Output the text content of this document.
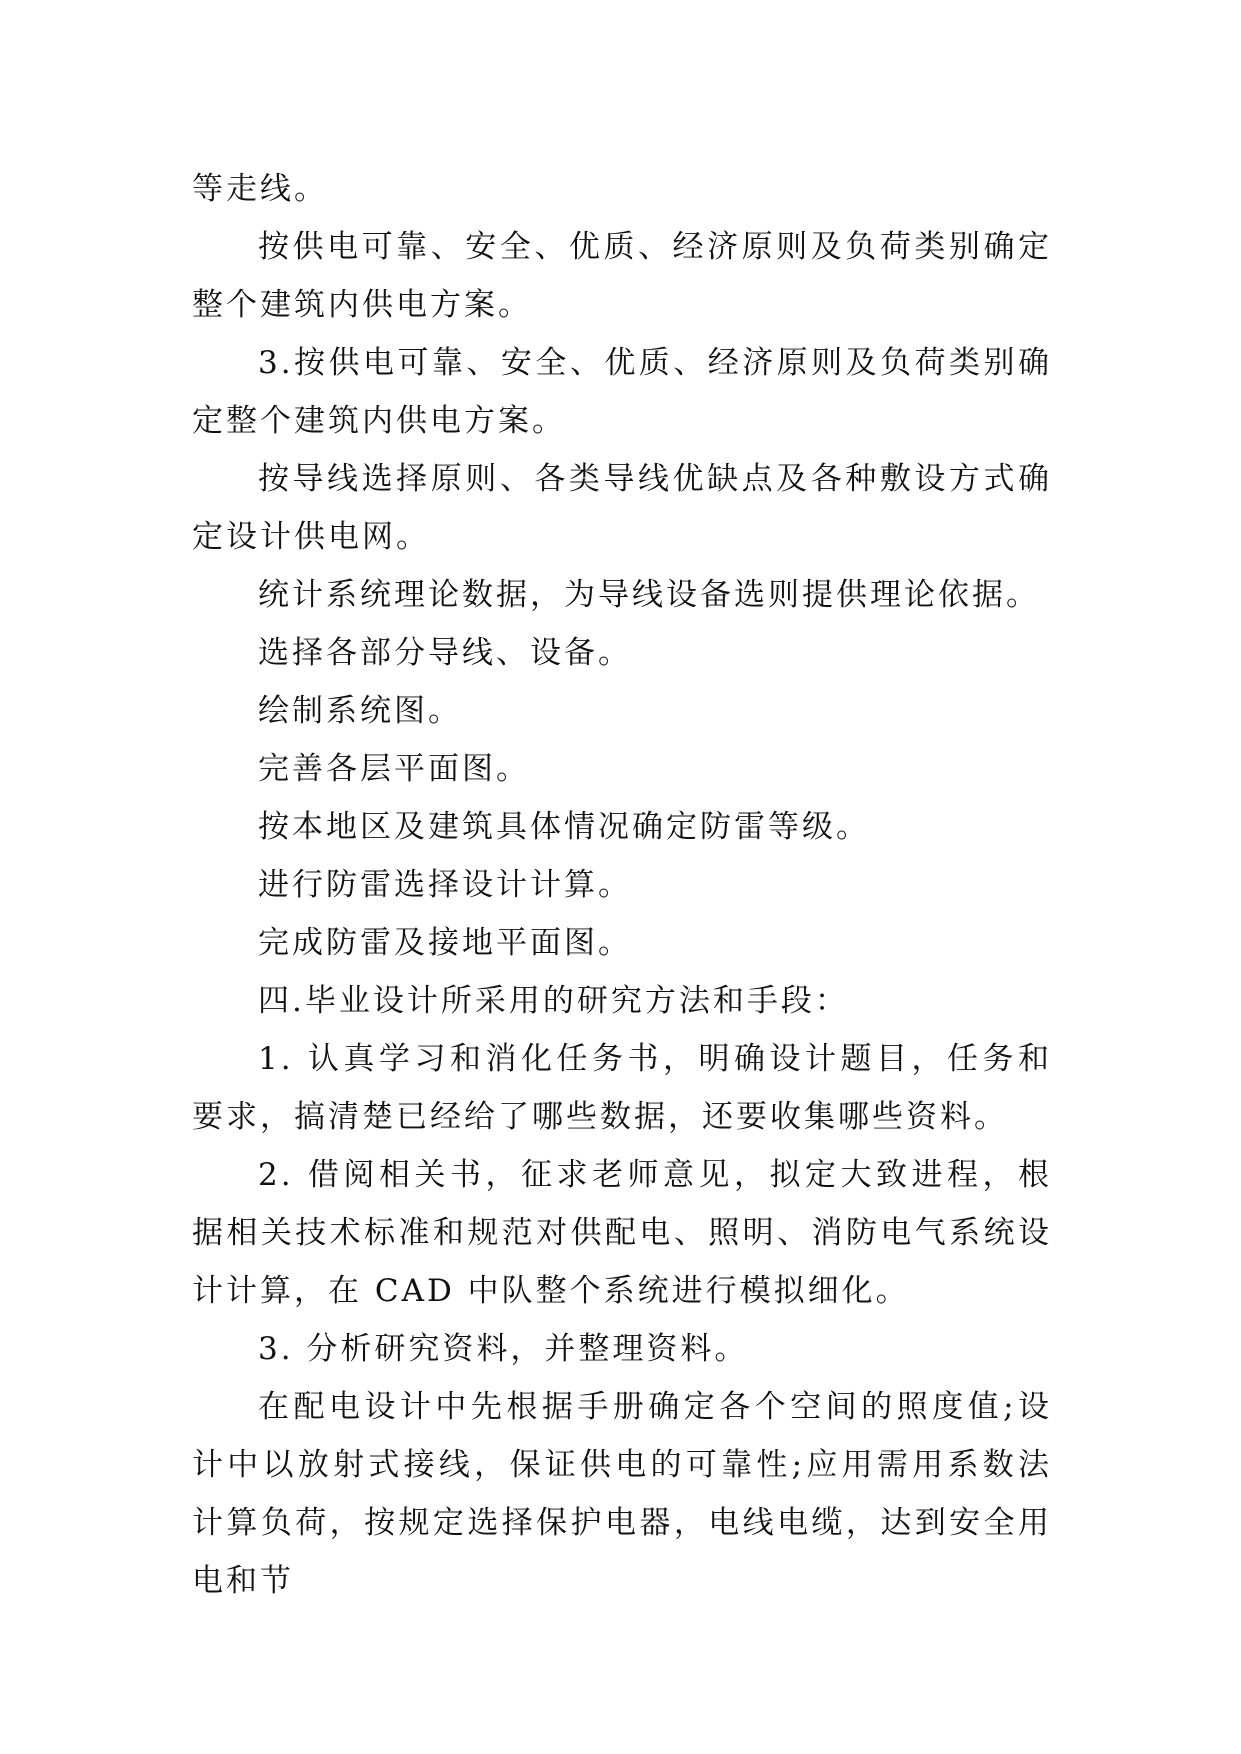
等走线。

按供电可靠、安全、优质、经济原则及负荷类别确定整个建筑内供电方案。

3.按供电可靠、安全、优质、经济原则及负荷类别确定整个建筑内供电方案。

按导线选择原则、各类导线优缺点及各种敷设方式确定设计供电网。

统计系统理论数据，为导线设备选则提供理论依据。

选择各部分导线、设备。

绘制系统图。

完善各层平面图。

按本地区及建筑具体情况确定防雷等级。

进行防雷选择设计计算。

完成防雷及接地平面图。

四.毕业设计所采用的研究方法和手段：

1. 认真学习和消化任务书，明确设计题目，任务和要求，搞清楚已经给了哪些数据，还要收集哪些资料。

2. 借阅相关书，征求老师意见，拟定大致进程，根据相关技术标准和规范对供配电、照明、消防电气系统设计计算，在 CAD 中队整个系统进行模拟细化。

3. 分析研究资料，并整理资料。

在配电设计中先根据手册确定各个空间的照度值;设计中以放射式接线，保证供电的可靠性;应用需用系数法计算负荷，按规定选择保护电器，电线电缆，达到安全用电和节
